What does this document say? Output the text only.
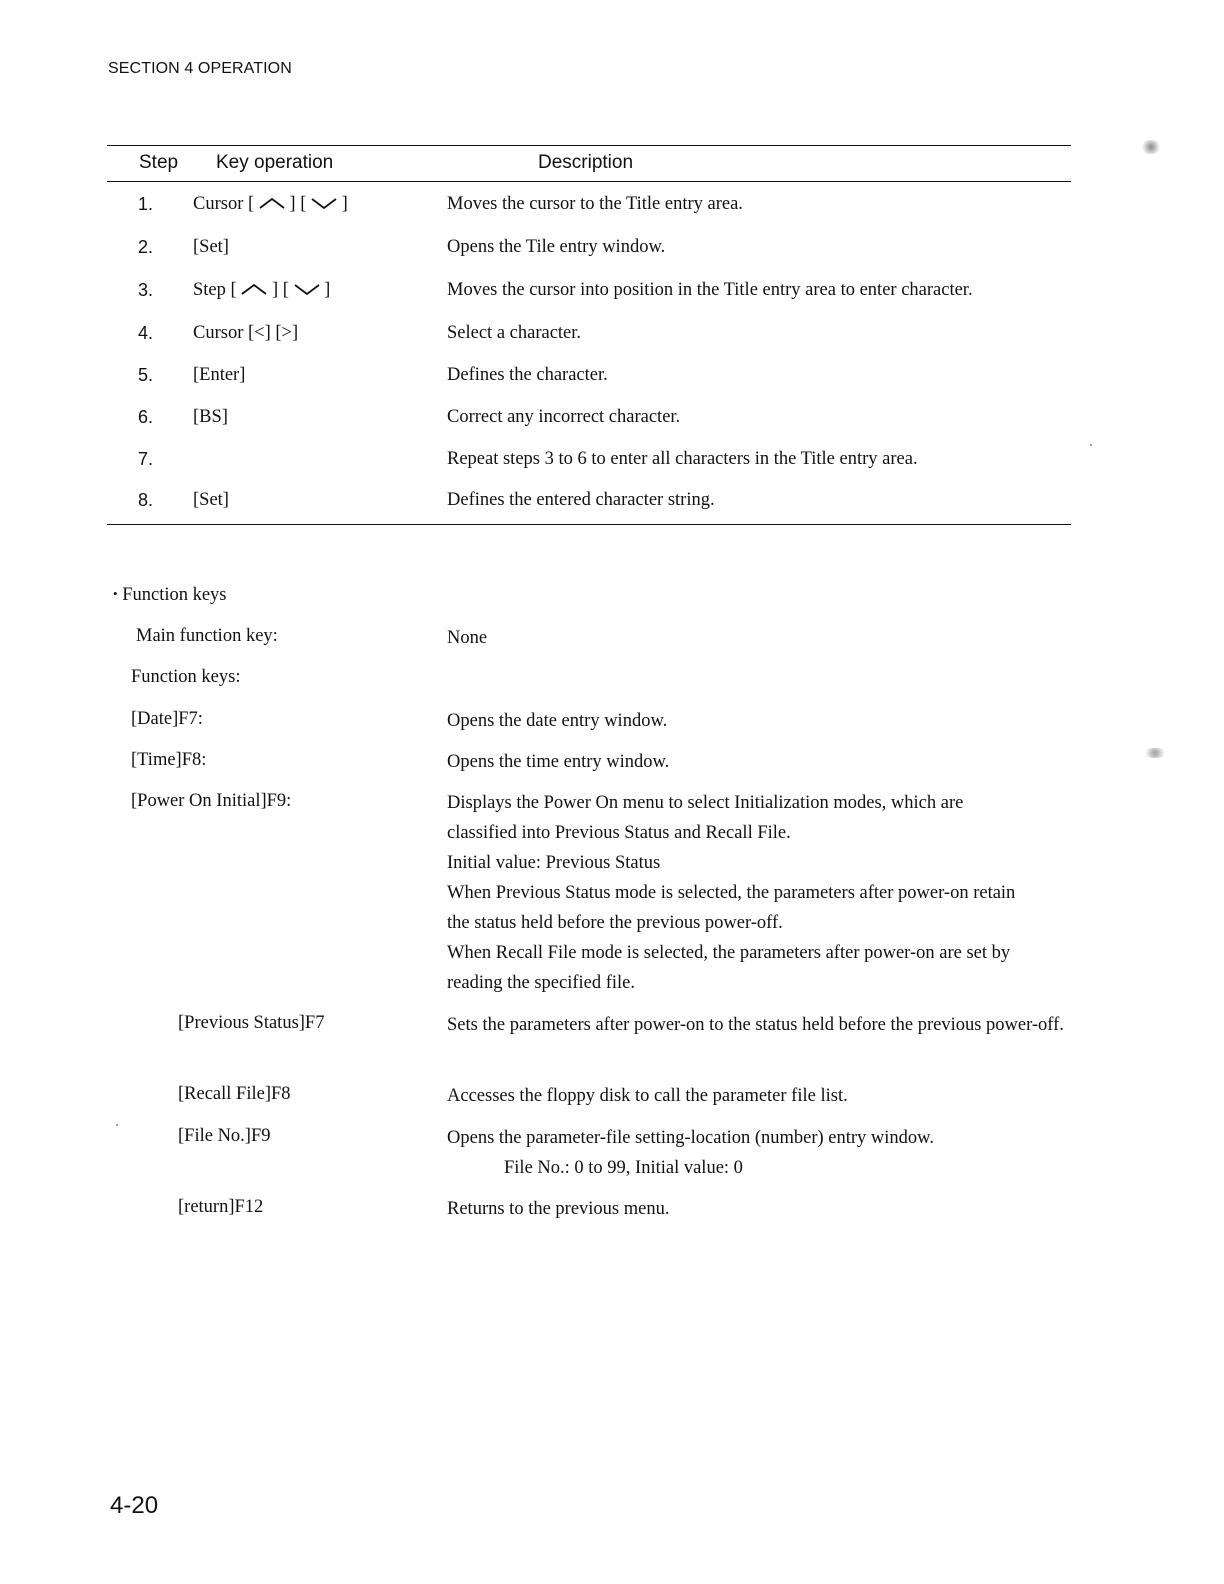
SECTION 4 OPERATION
Step Key operation	Description
1. Cursor [ ] [ ]	Moves the cursor to the Title entry area.
2. [Set]	Opens the Tile entry window.
3. Step [ ] [ ]	Moves the cursor into position in the Title entry area to enter character.
4. Cursor [<] [>]	Select a character.
5. [Enter]	Defines the character.
6. [BS]	Correct any incorrect character.
7.	Repeat steps 3 to 6 to enter all characters in the Title entry area.
8. [Set]	Defines the entered character string.
• Function keys
Main function key:	None
Function keys:
[Date]F7:	Opens the date entry window.
[Time]F8:	Opens the time entry window.
[Power On Initial]F9:	Displays the Power On menu to select Initialization modes, which are

classified into Previous Status and Recall File.

Initial value: Previous Status

When Previous Status mode is selected, the parameters after power-on retain

the status held before the previous power-off.

When Recall File mode is selected, the parameters after power-on are set by

reading the specified file.

[Previous Status]F7	Sets the parameters after power-on to the status held before the previous power-off.
[Recall File]F8	Accesses the floppy disk to call the parameter file list.
[File No.]F9	Opens the parameter-file setting-location (number) entry window.

File No.: 0 to 99, Initial value: 0

[return]F12	Returns to the previous menu.
4-20
